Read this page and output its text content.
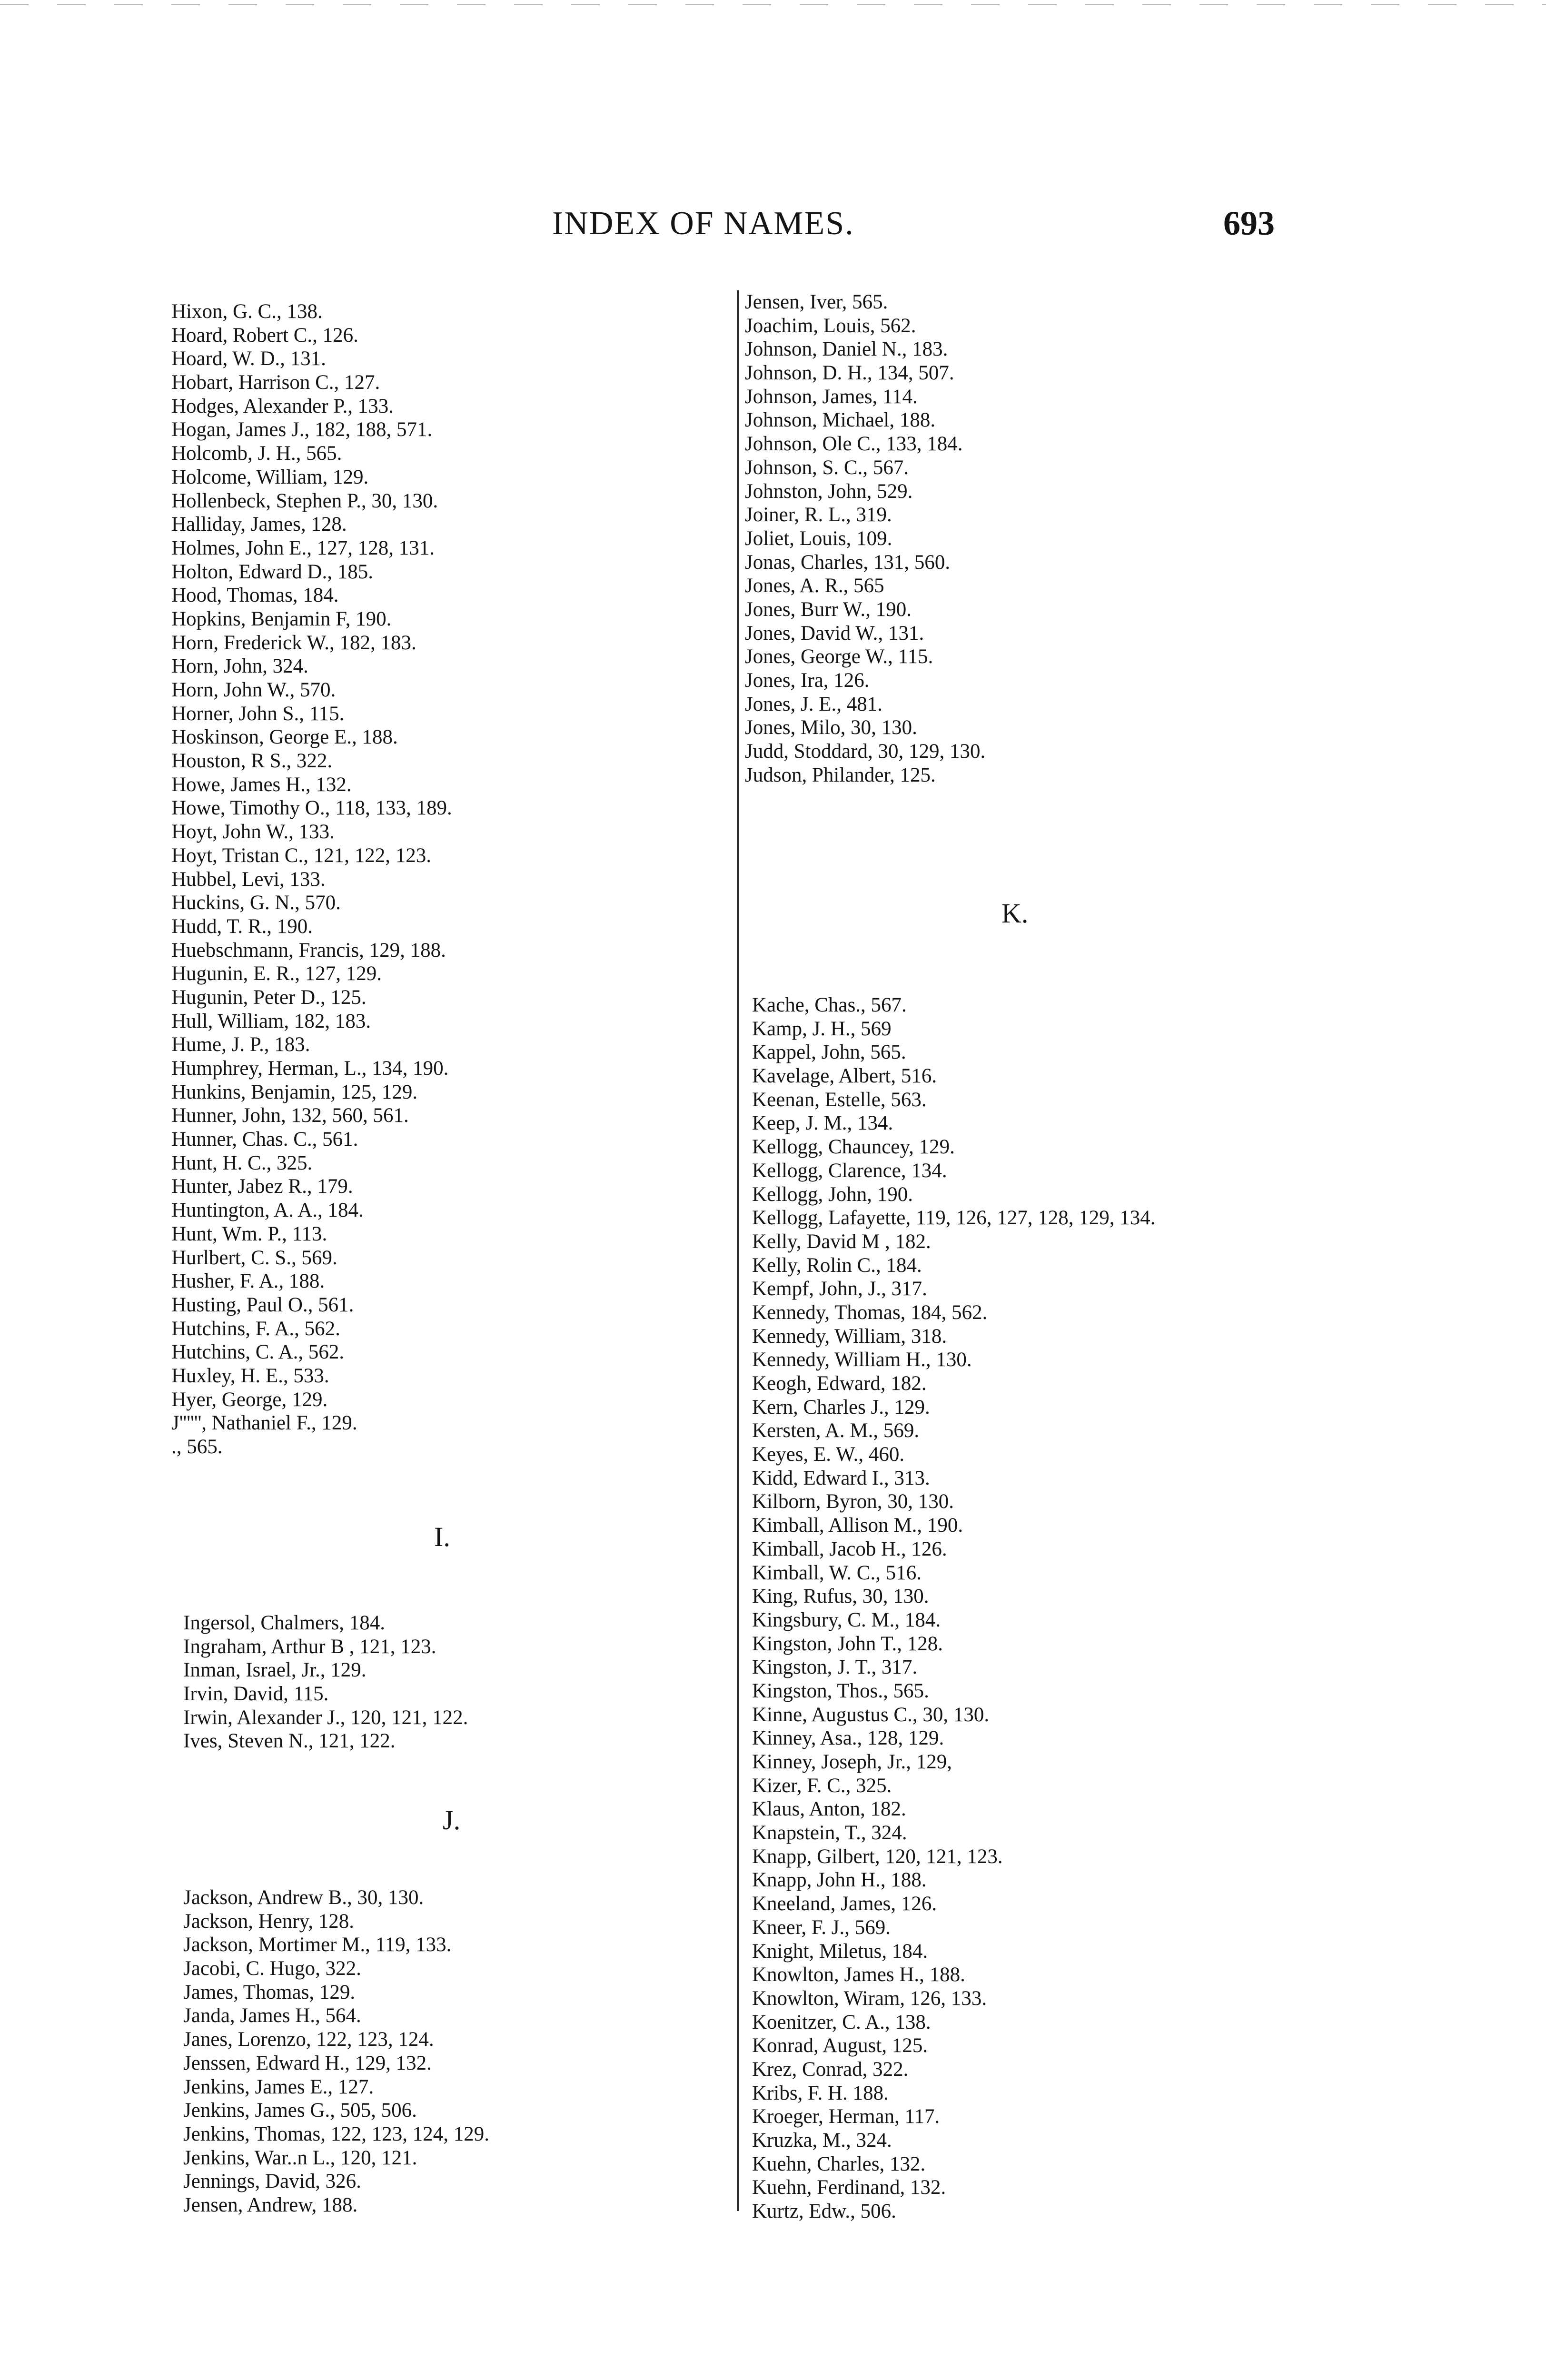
INDEX OF NAMES.	693
Hixon, G. C., 138.
Hoard, Robert C., 126.
Hoard, W. D., 131.
Hobart, Harrison C., 127.
Hodges, Alexander P., 133.
Hogan, James J., 182, 188, 571.
Holcomb, J. H., 565.
Holcome, William, 129.
Hollenbeck, Stephen P., 30, 130.
Halliday, James, 128.
Holmes, John E., 127, 128, 131.
Holton, Edward D., 185.
Hood, Thomas, 184.
Hopkins, Benjamin F, 190.
Horn, Frederick W., 182, 183.
Horn, John, 324.
Horn, John W., 570.
Horner, John S., 115.
Hoskinson, George E., 188.
Houston, R S., 322.
Howe, James H., 132.
Howe, Timothy O., 118, 133, 189.
Hoyt, John W., 133.
Hoyt, Tristan C., 121, 122, 123.
Hubbel, Levi, 133.
Huckins, G. N., 570.
Hudd, T. R., 190.
Huebschmann, Francis, 129, 188.
Hugunin, E. R., 127, 129.
Hugunin, Peter D., 125.
Hull, William, 182, 183.
Hume, J. P., 183.
Humphrey, Herman, L., 134, 190.
Hunkins, Benjamin, 125, 129.
Hunner, John, 132, 560, 561.
Hunner, Chas. C., 561.
Hunt, H. C., 325.
Hunter, Jabez R., 179.
Huntington, A. A., 184.
Hunt, Wm. P., 113.
Hurlbert, C. S., 569.
Husher, F. A., 188.
Husting, Paul O., 561.
Hutchins, F. A., 562.
Hutchins, C. A., 562.
Huxley, H. E., 533.
Hyer, George, 129.
J'''''', Nathaniel F., 129.
., 565.
I.
Ingersol, Chalmers, 184.
Ingraham, Arthur B , 121, 123.
Inman, Israel, Jr., 129.
Irvin, David, 115.
Irwin, Alexander J., 120, 121, 122.
Ives, Steven N., 121, 122.
J.
Jackson, Andrew B., 30, 130.
Jackson, Henry, 128.
Jackson, Mortimer M., 119, 133.
Jacobi, C. Hugo, 322.
James, Thomas, 129.
Janda, James H., 564.
Janes, Lorenzo, 122, 123, 124.
Jenssen, Edward H., 129, 132.
Jenkins, James E., 127.
Jenkins, James G., 505, 506.
Jenkins, Thomas, 122, 123, 124, 129.
Jenkins, War..n L., 120, 121.
Jennings, David, 326.
Jensen, Andrew, 188.
Jensen, Iver, 565.
Joachim, Louis, 562.
Johnson, Daniel N., 183.
Johnson, D. H., 134, 507.
Johnson, James, 114.
Johnson, Michael, 188.
Johnson, Ole C., 133, 184.
Johnson, S. C., 567.
Johnston, John, 529.
Joiner, R. L., 319.
Joliet, Louis, 109.
Jonas, Charles, 131, 560.
Jones, A. R., 565
Jones, Burr W., 190.
Jones, David W., 131.
Jones, George W., 115.
Jones, Ira, 126.
Jones, J. E., 481.
Jones, Milo, 30, 130.
Judd, Stoddard, 30, 129, 130.
Judson, Philander, 125.
K.
Kache, Chas., 567.
Kamp, J. H., 569
Kappel, John, 565.
Kavelage, Albert, 516.
Keenan, Estelle, 563.
Keep, J. M., 134.
Kellogg, Chauncey, 129.
Kellogg, Clarence, 134.
Kellogg, John, 190.
Kellogg, Lafayette, 119, 126, 127, 128, 129, 134.
Kelly, David M , 182.
Kelly, Rolin C., 184.
Kempf, John, J., 317.
Kennedy, Thomas, 184, 562.
Kennedy, William, 318.
Kennedy, William H., 130.
Keogh, Edward, 182.
Kern, Charles J., 129.
Kersten, A. M., 569.
Keyes, E. W., 460.
Kidd, Edward I., 313.
Kilborn, Byron, 30, 130.
Kimball, Allison M., 190.
Kimball, Jacob H., 126.
Kimball, W. C., 516.
King, Rufus, 30, 130.
Kingsbury, C. M., 184.
Kingston, John T., 128.
Kingston, J. T., 317.
Kingston, Thos., 565.
Kinne, Augustus C., 30, 130.
Kinney, Asa., 128, 129.
Kinney, Joseph, Jr., 129,
Kizer, F. C., 325.
Klaus, Anton, 182.
Knapstein, T., 324.
Knapp, Gilbert, 120, 121, 123.
Knapp, John H., 188.
Kneeland, James, 126.
Kneer, F. J., 569.
Knight, Miletus, 184.
Knowlton, James H., 188.
Knowlton, Wiram, 126, 133.
Koenitzer, C. A., 138.
Konrad, August, 125.
Krez, Conrad, 322.
Kribs, F. H. 188.
Kroeger, Herman, 117.
Kruzka, M., 324.
Kuehn, Charles, 132.
Kuehn, Ferdinand, 132.
Kurtz, Edw., 506.
